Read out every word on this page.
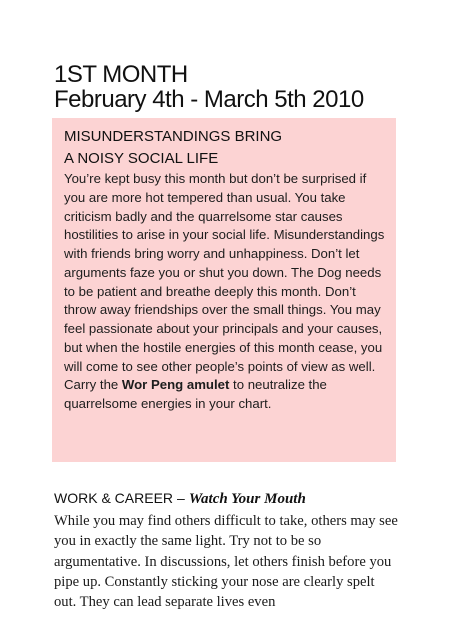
1ST MONTH
February 4th - March 5th 2010
MISUNDERSTANDINGS BRING
A NOISY SOCIAL LIFE

You’re kept busy this month but don’t be surprised if you are more hot tempered than usual. You take criticism badly and the quarrelsome star causes hostilities to arise in your social life. Misunderstandings with friends bring worry and unhappiness. Don’t let arguments faze you or shut you down. The Dog needs to be patient and breathe deeply this month. Don’t throw away friendships over the small things. You may feel passionate about your principals and your causes, but when the hostile energies of this month cease, you will come to see other people’s points of view as well. Carry the Wor Peng amulet to neutralize the quarrelsome energies in your chart.

WORK & CAREER – Watch Your Mouth

While you may find others difficult to take, others may see you in exactly the same light. Try not to be so argumentative. In discussions, let others finish before you pipe up. Constantly sticking your nose are clearly spelt out. They can lead separate lives even
